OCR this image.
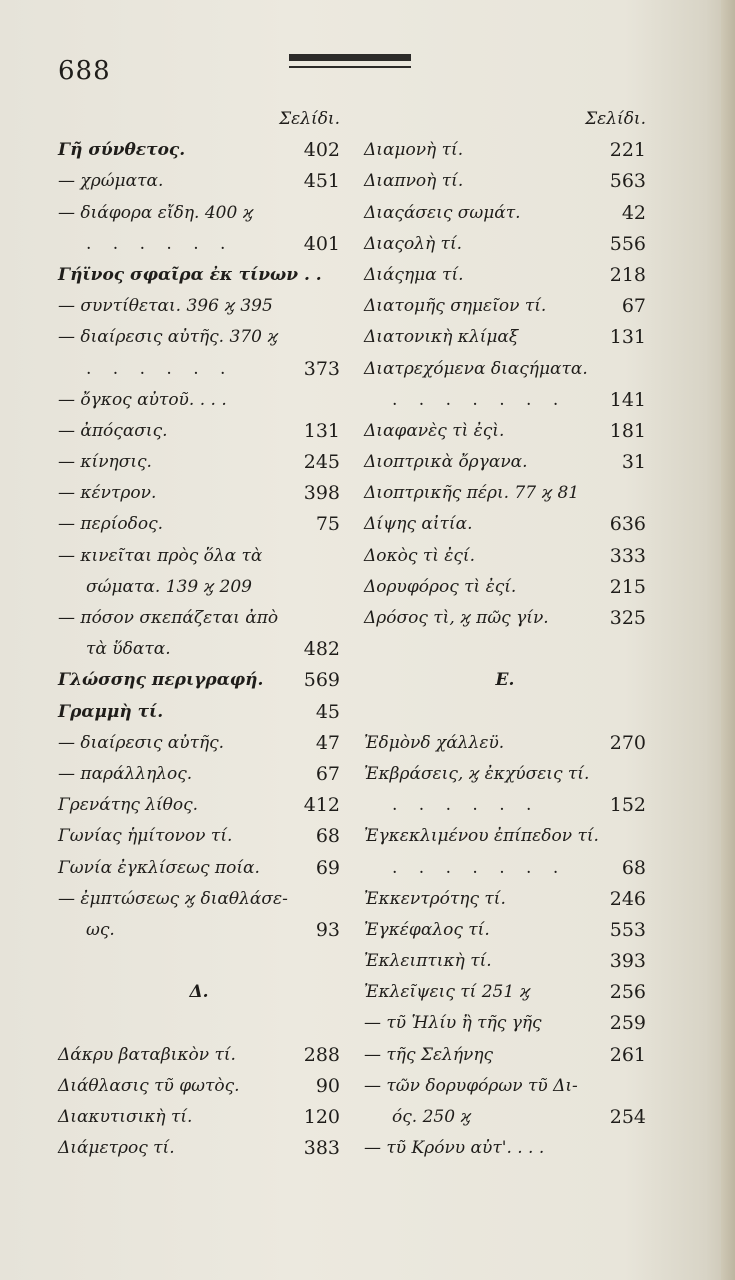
688
Σελίδι.
Γῆ σύνθετος.	402
— χρώματα.	451
— διάφορα εἴδη. 400 ϗ
. . . . . .	401
Γήϊνος σφαῖρα ἐκ τίνων . .
— συντίθεται. 396 ϗ 395
— διαίρεσις αὐτῆς. 370 ϗ
. . . . . .	373
— ὄγκος αὐτοῦ. . . .
— ἀπόςασις.	131
— κίνησις.	245
— κέντρον.	398
— περίοδος.	75
— κινεῖται πρὸς ὅλα τὰ
σώματα. 139 ϗ 209
— πόσον σκεπάζεται ἀπὸ
τὰ ὕδατα.	482
Γλώσσης περιγραφή. 569
Γραμμὴ τί.	45
— διαίρεσις αὐτῆς.	47
— παράλληλος.	67
Γρενάτης λίθος.	412
Γωνίας ἡμίτονον τί.	68
Γωνία ἐγκλίσεως ποία.	69
— ἐμπτώσεως ϗ διαθλάσε-
ως.	93
Δ.
Δάκρυ βαταβικὸν τί.	288
Διάθλασις τῦ φωτὸς.	90
Διακυτισικὴ τί.	120
Διάμετρος τί.	383
Σελίδι.
Διαμονὴ τί.	221
Διαπνοὴ τί.	563
Διαςάσεις σωμάτ.	42
Διαςολὴ τί.	556
Διάςημα τί.	218
Διατομῆς σημεῖον τί.	67
Διατονικὴ κλίμαξ	131
Διατρεχόμενα διαςήματα.
. . . . . . . 141
Διαφανὲς τὶ ἐςὶ.	181
Διοπτρικὰ ὄργανα.	31
Διοπτρικῆς πέρι. 77 ϗ 81
Δίψης αἰτία.	636
Δοκὸς τὶ ἐςί.	333
Δορυφόρος τὶ ἐςί.	215
Δρόσος τὶ, ϗ πῶς γίν.	325
Ε.
Ἐδμὸνδ χάλλεϋ.	270
Ἐκβράσεις, ϗ ἐκχύσεις τί.
. . . . . .	152
Ἐγκεκλιμένου ἐπίπεδον τί.
. . . . . . .	68
Ἐκκεντρότης τί.	246
Ἐγκέφαλος τί.	553
Ἐκλειπτικὴ τί.	393
Ἐκλεῖψεις τί 251 ϗ	256
— τῦ Ἡλίυ ἢ τῆς γῆς	259
— τῆς Σελήνης	261
— τῶν δορυφόρων τῦ Δι-
ός. 250 ϗ	254
— τῦ Κρόνυ αὐτ'. . . .
